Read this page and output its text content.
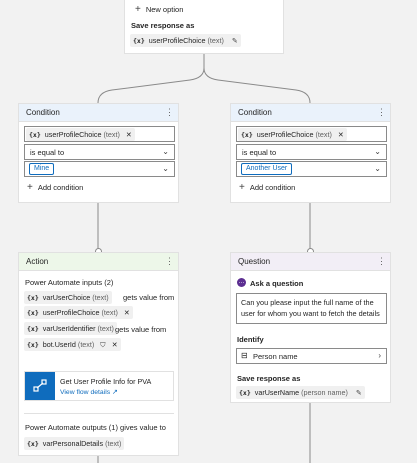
+ New option
Save response as
{x} userProfileChoice
(text) ✎
Condition	⋮
{x} userProfileChoice
(text) ✕
is equal to	⌄
Mine	⌄
+ Add condition
Condition	⋮
{x} userProfileChoice
(text) ✕
is equal to	⌄
Another User	⌄
+ Add condition
Action	⋮
Power Automate inputs (2)
{x} varUserChoice
(text) gets value from
{x} userProfileChoice
(text) ✕
{x} varUserIdentifier
(text) gets value from
{x} bot.UserId
(text) ⛉ ✕
Get User Profile Info for PVA
View flow details ↗
Power Automate outputs (1) gives value to
{x} varPersonalDetails
(text)
Question	⋮
… Ask a question
Can you please input the full name of the user for whom you want to fetch the details
Identify
⊟ Person name	›
Save response as
{x} varUserName
(person name) ✎
